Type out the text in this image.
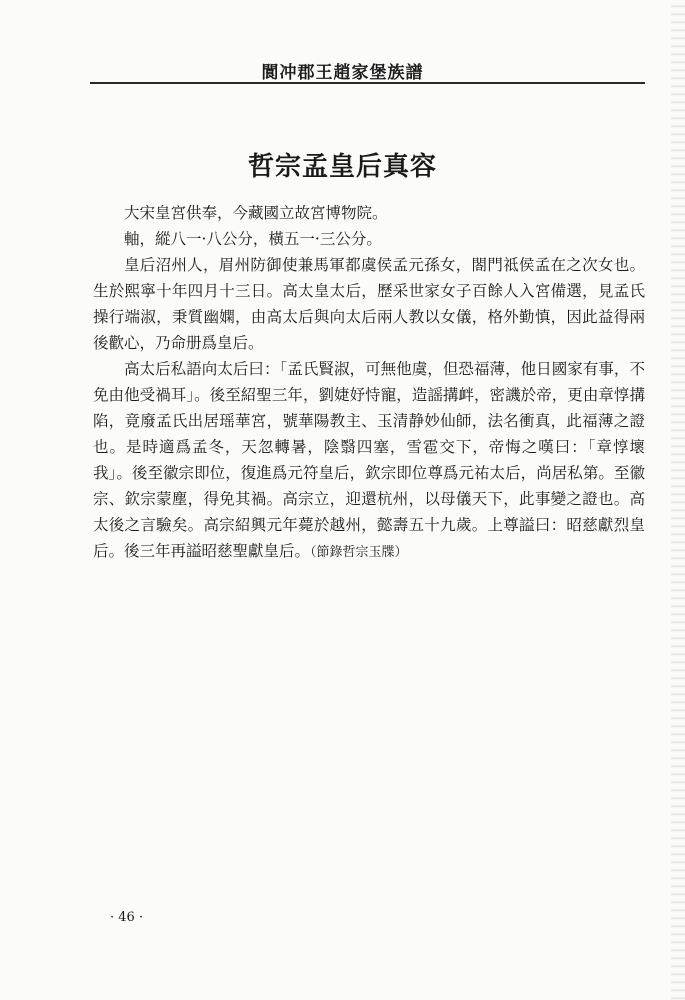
閬冲郡王趙家堡族譜
哲宗孟皇后真容

大宋皇宮供奉，今藏國立故宮博物院。

軸，縱八一·八公分，橫五一·三公分。

皇后沼州人，眉州防御使兼馬軍都虞侯孟元孫女，閤門祗侯孟在之次女也。生於熙寧十年四月十三日。高太皇太后，歷采世家女子百餘人入宮備選，見孟氏操行端淑，秉質幽嫻，由高太后與向太后兩人教以女儀，格外勤慎，因此益得兩後歡心，乃命册爲皇后。

高太后私語向太后曰：「孟氏賢淑，可無他虞，但恐福薄，他日國家有事，不免由他受禍耳」。後至紹聖三年，劉婕妤恃寵，造謡搆衅，密譏於帝，更由章惇搆陷，竟廢孟氏出居瑶華宮，號華陽教主、玉清静妙仙師，法名衝真，此福薄之證也。是時適爲孟冬，天忽轉暑，陰翳四塞，雪雹交下，帝悔之嘆曰：「章惇壞我」。後至徽宗即位，復進爲元符皇后，欽宗即位尊爲元祐太后，尚居私第。至徽宗、欽宗蒙塵，得免其禍。高宗立，迎還杭州，以母儀天下，此事變之證也。高太後之言驗矣。高宗紹興元年薨於越州，懿壽五十九歲。上尊謚曰：昭慈獻烈皇后。後三年再謚昭慈聖獻皇后。（節錄哲宗玉牒）

· 46 ·
